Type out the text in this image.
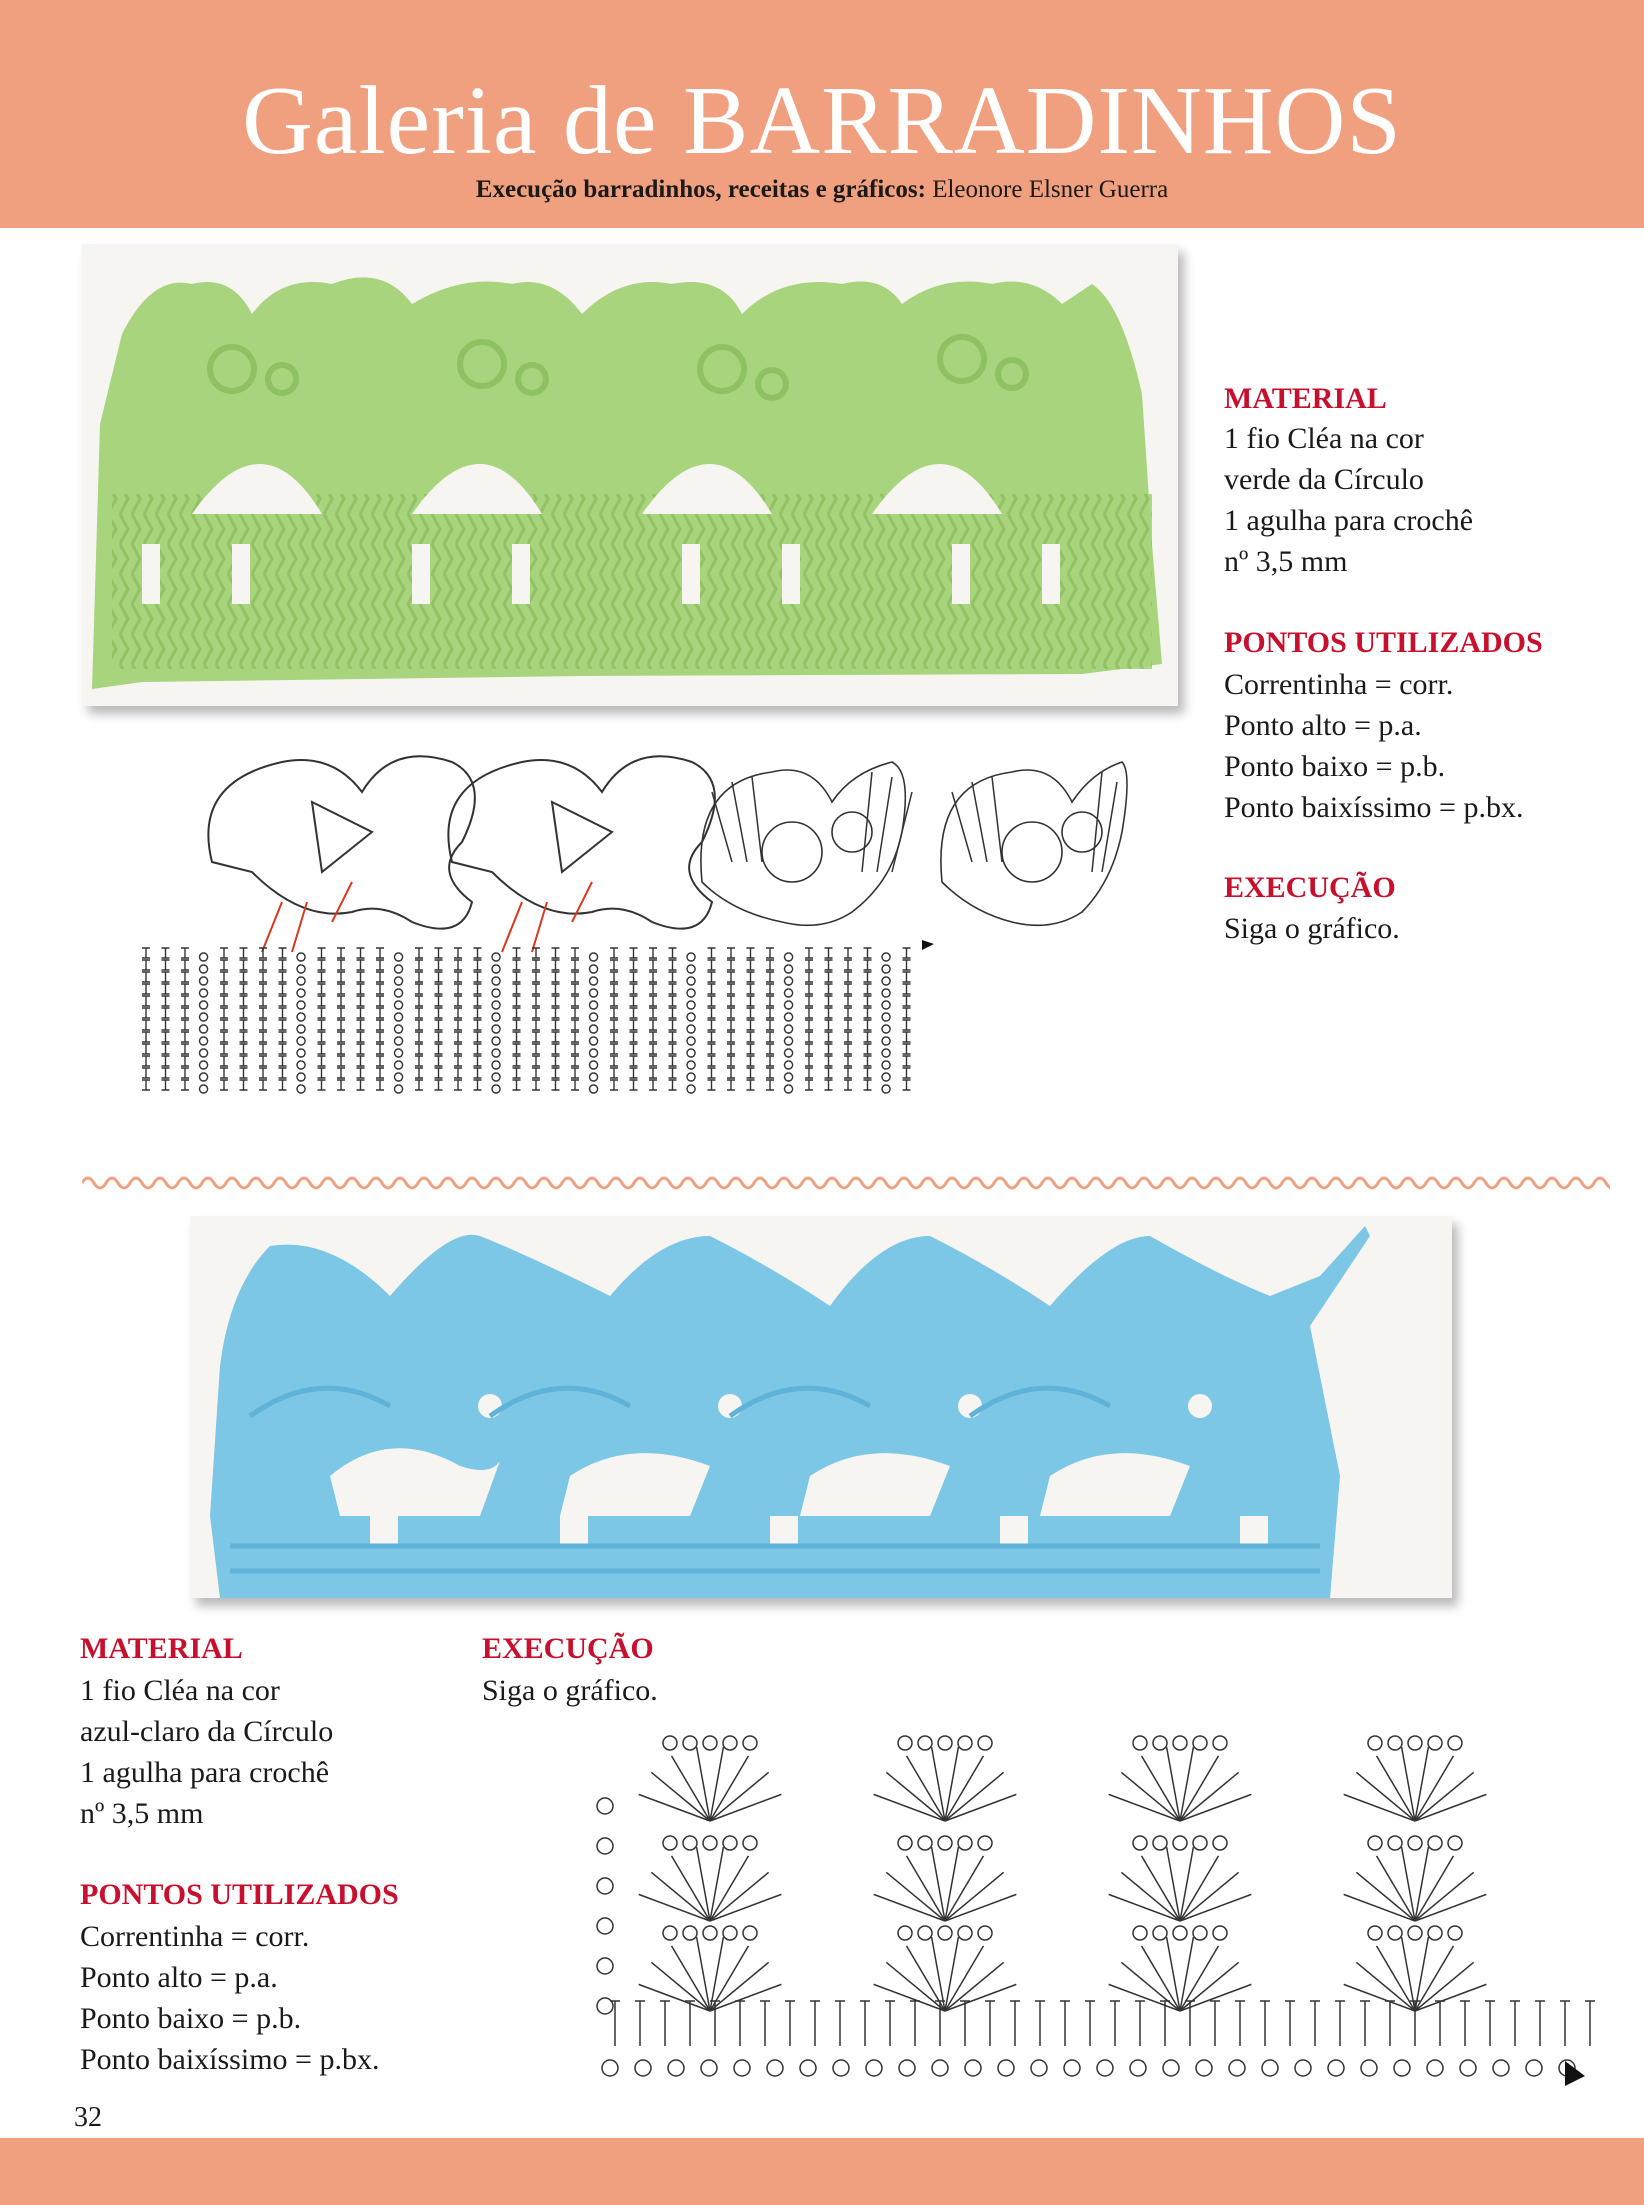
Galeria de BARRADINHOS
Execução barradinhos, receitas e gráficos: Eleonore Elsner Guerra
MATERIAL
1 fio Cléa na cor
verde da Círculo
1 agulha para crochê
nº 3,5 mm
PONTOS UTILIZADOS
Correntinha = corr.
Ponto alto = p.a.
Ponto baixo = p.b.
Ponto baixíssimo = p.bx.
EXECUÇÃO
Siga o gráfico.
MATERIAL
1 fio Cléa na cor
azul-claro da Círculo
1 agulha para crochê
nº 3,5 mm
PONTOS UTILIZADOS
Correntinha = corr.
Ponto alto = p.a.
Ponto baixo = p.b.
Ponto baixíssimo = p.bx.
EXECUÇÃO
Siga o gráfico.
32
